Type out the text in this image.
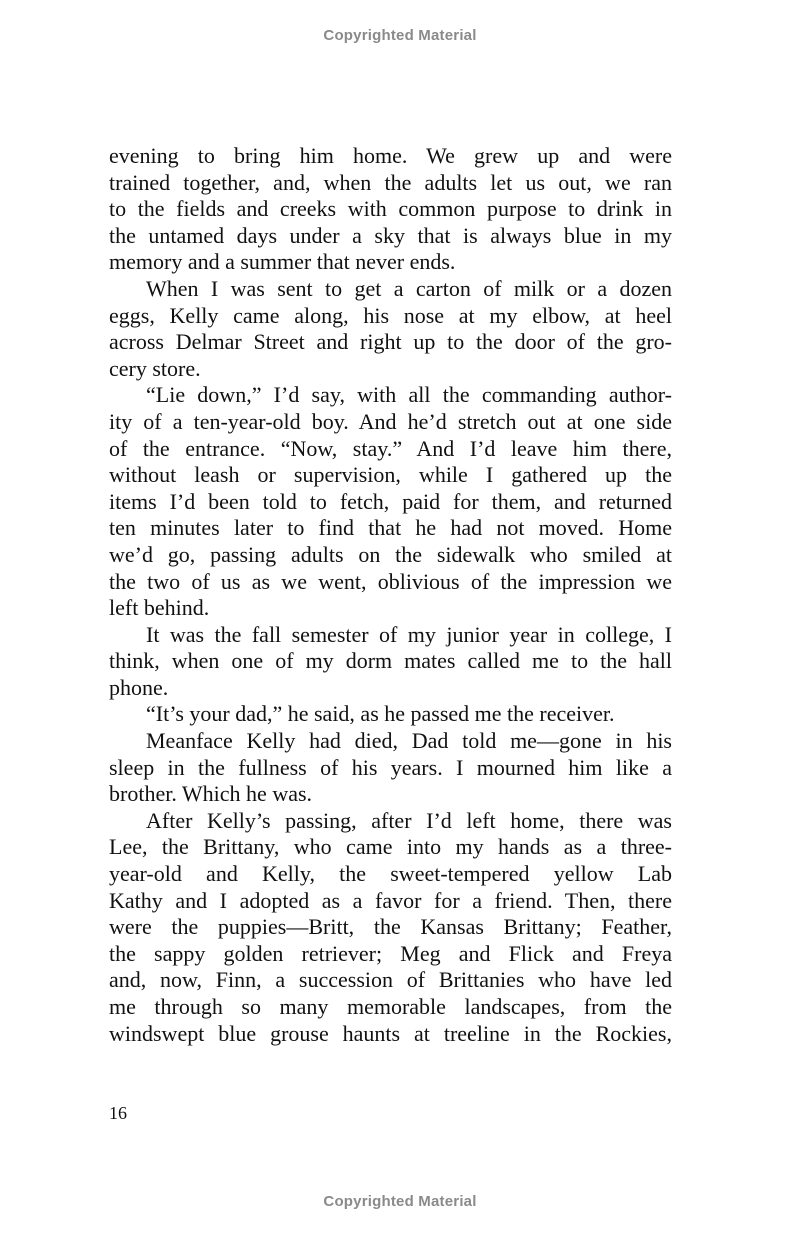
Copyrighted Material
evening to bring him home. We grew up and were
trained together, and, when the adults let us out, we ran
to the fields and creeks with common purpose to drink in
the untamed days under a sky that is always blue in my
memory and a summer that never ends.
When I was sent to get a carton of milk or a dozen
eggs, Kelly came along, his nose at my elbow, at heel
across Delmar Street and right up to the door of the gro-
cery store.
“Lie down,” I’d say, with all the commanding author-
ity of a ten-year-old boy. And he’d stretch out at one side
of the entrance. “Now, stay.” And I’d leave him there,
without leash or supervision, while I gathered up the
items I’d been told to fetch, paid for them, and returned
ten minutes later to find that he had not moved. Home
we’d go, passing adults on the sidewalk who smiled at
the two of us as we went, oblivious of the impression we
left behind.
It was the fall semester of my junior year in college, I
think, when one of my dorm mates called me to the hall
phone.
“It’s your dad,” he said, as he passed me the receiver.
Meanface Kelly had died, Dad told me—gone in his
sleep in the fullness of his years. I mourned him like a
brother. Which he was.
After Kelly’s passing, after I’d left home, there was
Lee, the Brittany, who came into my hands as a three-
year-old and Kelly, the sweet-tempered yellow Lab
Kathy and I adopted as a favor for a friend. Then, there
were the puppies—Britt, the Kansas Brittany; Feather,
the sappy golden retriever; Meg and Flick and Freya
and, now, Finn, a succession of Brittanies who have led
me through so many memorable landscapes, from the
windswept blue grouse haunts at treeline in the Rockies,
16
Copyrighted Material
